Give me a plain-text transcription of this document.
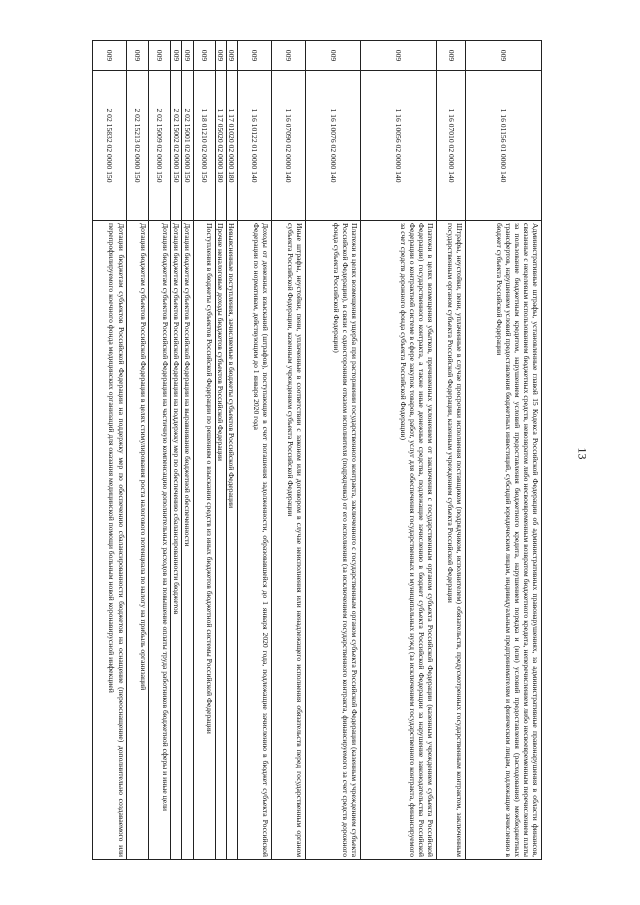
13
009	1 16 01156 01 0000 140	Административные штрафы, установленные главой 15 Кодекса Российской Федерации об административных правонарушениях, за административные правонарушения в области финансов, связанные с нецелевым использованием бюджетных средств, невозвратом либо несвоевременным возвратом бюджетного кредита, неперечислением либо несвоевременным перечислением платы за пользование бюджетным кредитом, нарушением условий предоставления бюджетного кредита, нарушением порядка и (или) условий предоставления (расходования) межбюджетных трансфертов, нарушением условий предоставления бюджетных инвестиций, субсидий юридическим лицам, индивидуальным предпринимателям и физическим лицам, подлежащие зачислению в бюджет субъекта Российской Федерации
009	1 16 07010 02 0000 140	Штрафы, неустойки, пени, уплаченные в случае просрочки исполнения поставщиком (подрядчиком, исполнителем) обязательств, предусмотренных государственным контрактом, заключенным государственным органом субъекта Российской Федерации, казенным учреждением субъекта Российской Федерации
009	1 16 10056 02 0000 140	Платежи в целях возмещения убытков, причиненных уклонением от заключения с государственным органом субъекта Российской Федерации (казенным учреждением субъекта Российской Федерации) государственного контракта, а также иные денежные средства, подлежащие зачислению в бюджет субъекта Российской Федерации за нарушение законодательства Российской Федерации о контрактной системе в сфере закупок товаров, работ, услуг для обеспечения государственных и муниципальных нужд (за исключением государственного контракта, финансируемого за счет средств дорожного фонда субъекта Российской Федерации)
009	1 16 10076 02 0000 140	Платежи в целях возмещения ущерба при расторжении государственного контракта, заключенного с государственным органом субъекта Российской Федерации (казенным учреждением субъекта Российской Федерации), в связи с односторонним отказом исполнителя (подрядчика) от его исполнения (за исключением государственного контракта, финансируемого за счет средств дорожного фонда субъекта Российской Федерации)
009	1 16 07090 02 0000 140	Иные штрафы, неустойки, пени, уплаченные в соответствии с законом или договором в случае неисполнения или ненадлежащего исполнения обязательств перед государственным органом субъекта Российской Федерации, казенным учреждением субъекта Российской Федерации
009	1 16 10122 01 0000 140	Доходы от денежных взысканий (штрафов), поступающие в счет погашения задолженности, образовавшейся до 1 января 2020 года, подлежащие зачислению в бюджет субъекта Российской Федерации по нормативам, действующим до 1 января 2020 года
009	1 17 01020 02 0000 180	Невыясненные поступления, зачисляемые в бюджеты субъектов Российской Федерации
009	1 17 05020 02 0000 180	Прочие неналоговые доходы бюджетов субъектов Российской Федерации
009	1 18 01210 02 0000 150	Поступления в бюджеты субъектов Российской Федерации по решениям о взыскании средств из иных бюджетов бюджетной системы Российской Федерации
009	2 02 15001 02 0000 150	Дотации бюджетам субъектов Российской Федерации на выравнивание бюджетной обеспеченности
009	2 02 15002 02 0000 150	Дотации бюджетам субъектов Российской Федерации на поддержку мер по обеспечению сбалансированности бюджетов
009	2 02 15009 02 0000 150	Дотации бюджетам субъектов Российской Федерации на частичную компенсацию дополнительных расходов на повышение оплаты труда работников бюджетной сферы и иные цели
009	2 02 15213 02 0000 150	Дотации бюджетам субъектов Российской Федерации в целях стимулирования роста налогового потенциала по налогу на прибыль организаций
009	2 02 15832 02 0000 150	Дотации бюджетам субъектов Российской Федерации на поддержку мер по обеспечению сбалансированности бюджетов на оснащение (переоснащение) дополнительно создаваемого или перепрофилируемого коечного фонда медицинских организаций для оказания медицинской помощи больным новой коронавирусной инфекцией
